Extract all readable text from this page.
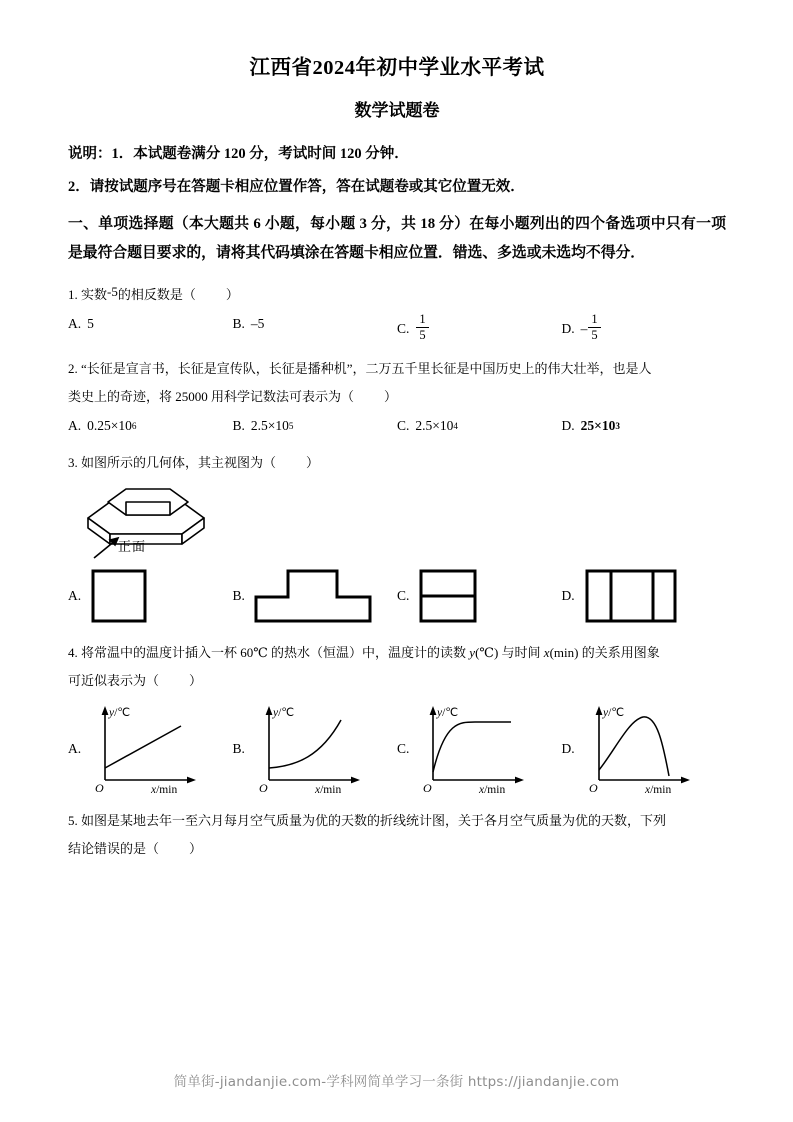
江西省2024年初中学业水平考试
数学试题卷
说明：1．本试题卷满分 120 分，考试时间 120 分钟．
2．请按试题序号在答题卡相应位置作答，答在试题卷或其它位置无效．
一、单项选择题（本大题共 6 小题，每小题 3 分，共 18 分）在每小题列出的四个备选项中只有一项是最符合题目要求的，请将其代码填涂在答题卡相应位置．错选、多选或未选均不得分．
1. 实数-5的相反数是（ ）
A. 5	B. –5	C. $\frac{1}{5}$	D. – $\frac{1}{5}$
2. “长征是宣言书，长征是宣传队，长征是播种机”，二万五千里长征是中国历史上的伟大壮举，也是人
类史上的奇迹，将 25000 用科学记数法可表示为（ ）
A. 0.25 × 10 6	B. 2.5 × 10 5	C. 2.5 × 10 4	D. 25 × 10 3
3. 如图所示的几何体，其主视图为（ ）
正面
A.	B.	C.	D.
4. 将常温中的温度计插入一杯 60℃ 的热水（恒温）中，温度计的读数 y(℃) 与时间 x(min) 的关系用图象
可近似表示为（ ）
A.
O	x/min
y/℃
B.
O	x/min
y/℃
C.
O	x/min
y/℃
D.
O	x/min
y/℃
5. 如图是某地去年一至六月每月空气质量为优的天数的折线统计图，关于各月空气质量为优的天数，下列
结论错误的是（ ）
简单街-jiandanjie.com-学科网简单学习一条街 https://jiandanjie.com
